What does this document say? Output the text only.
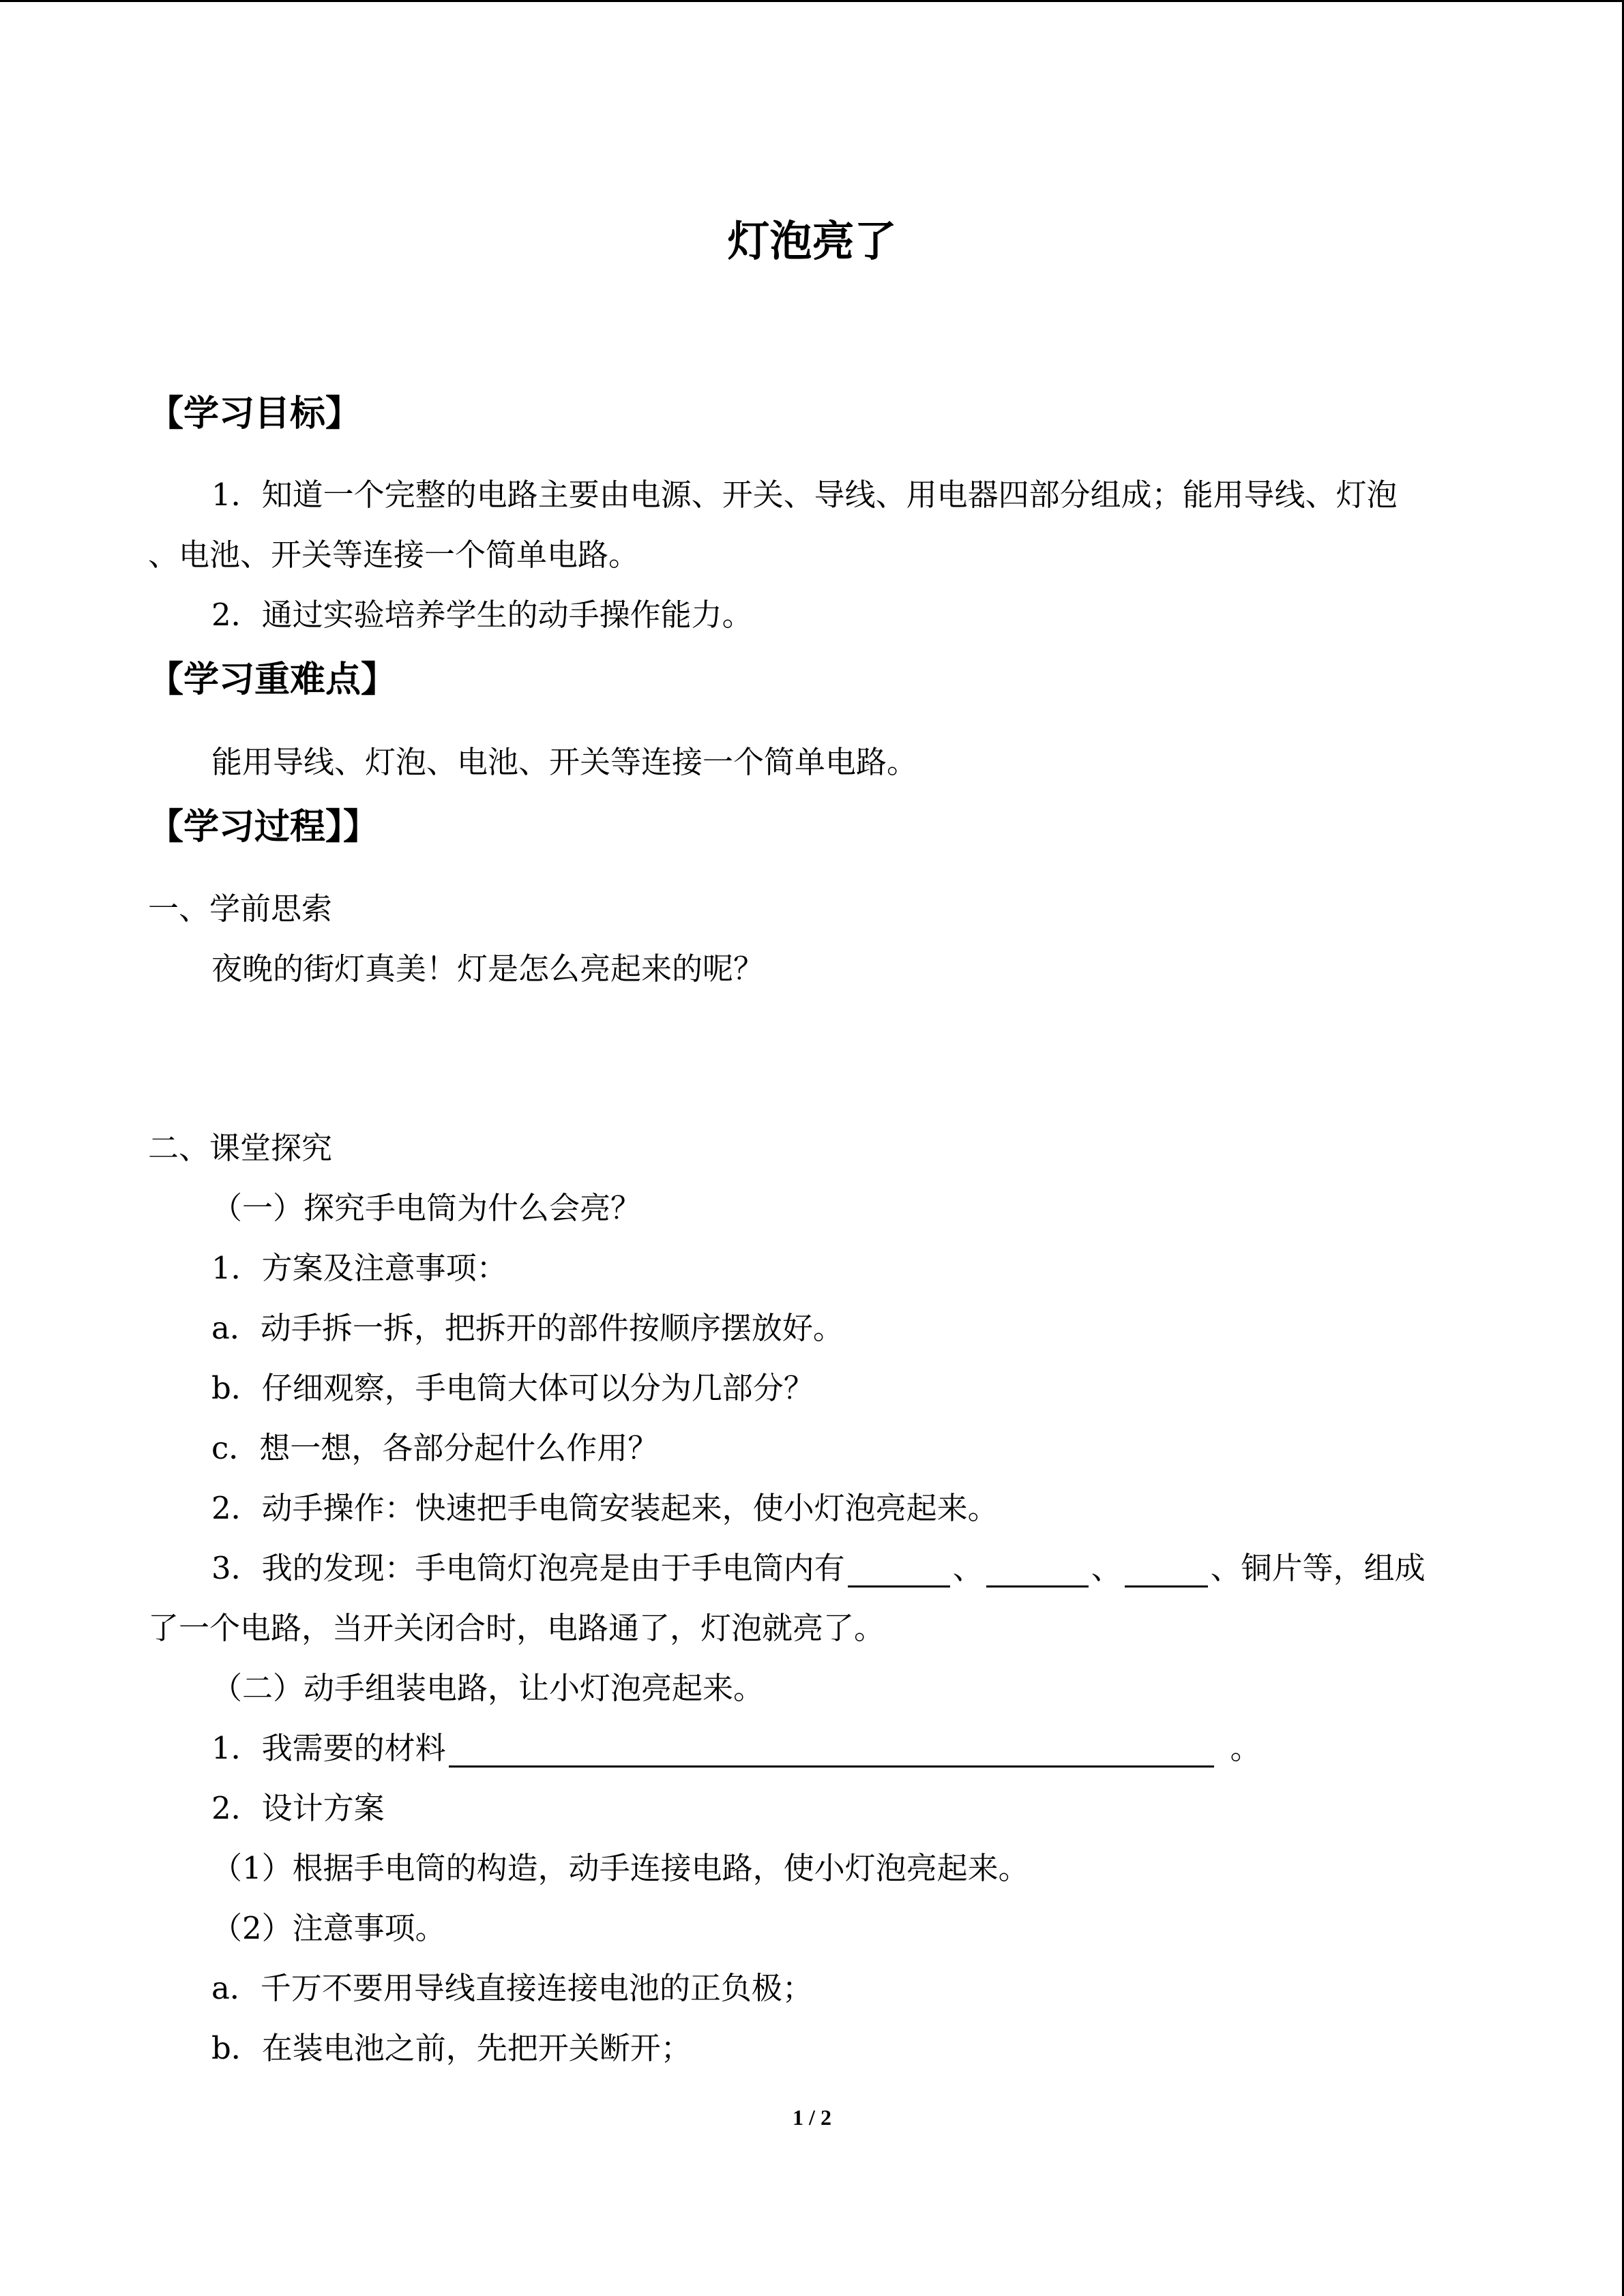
灯泡亮了
【学习目标】
1．知道一个完整的电路主要由电源、开关、导线、用电器四部分组成；能用导线、灯泡
、电池、开关等连接一个简单电路。
2．通过实验培养学生的动手操作能力。
【学习重难点】
能用导线、灯泡、电池、开关等连接一个简单电路。
【学习过程】】
一、学前思索
夜晚的街灯真美！灯是怎么亮起来的呢？
二、课堂探究
（一）探究手电筒为什么会亮？
1．方案及注意事项：
a．动手拆一拆，把拆开的部件按顺序摆放好。
b．仔细观察，手电筒大体可以分为几部分？
c．想一想，各部分起什么作用？
2．动手操作：快速把手电筒安装起来，使小灯泡亮起来。
3．我的发现：手电筒灯泡亮是由于手电筒内有	、	、	、铜片等，组成
了一个电路，当开关闭合时，电路通了，灯泡就亮了。
（二）动手组装电路，让小灯泡亮起来。
1．我需要的材料	。
2．设计方案
（1）根据手电筒的构造，动手连接电路，使小灯泡亮起来。
（2）注意事项。
a．千万不要用导线直接连接电池的正负极；
b．在装电池之前，先把开关断开；
1 / 2
